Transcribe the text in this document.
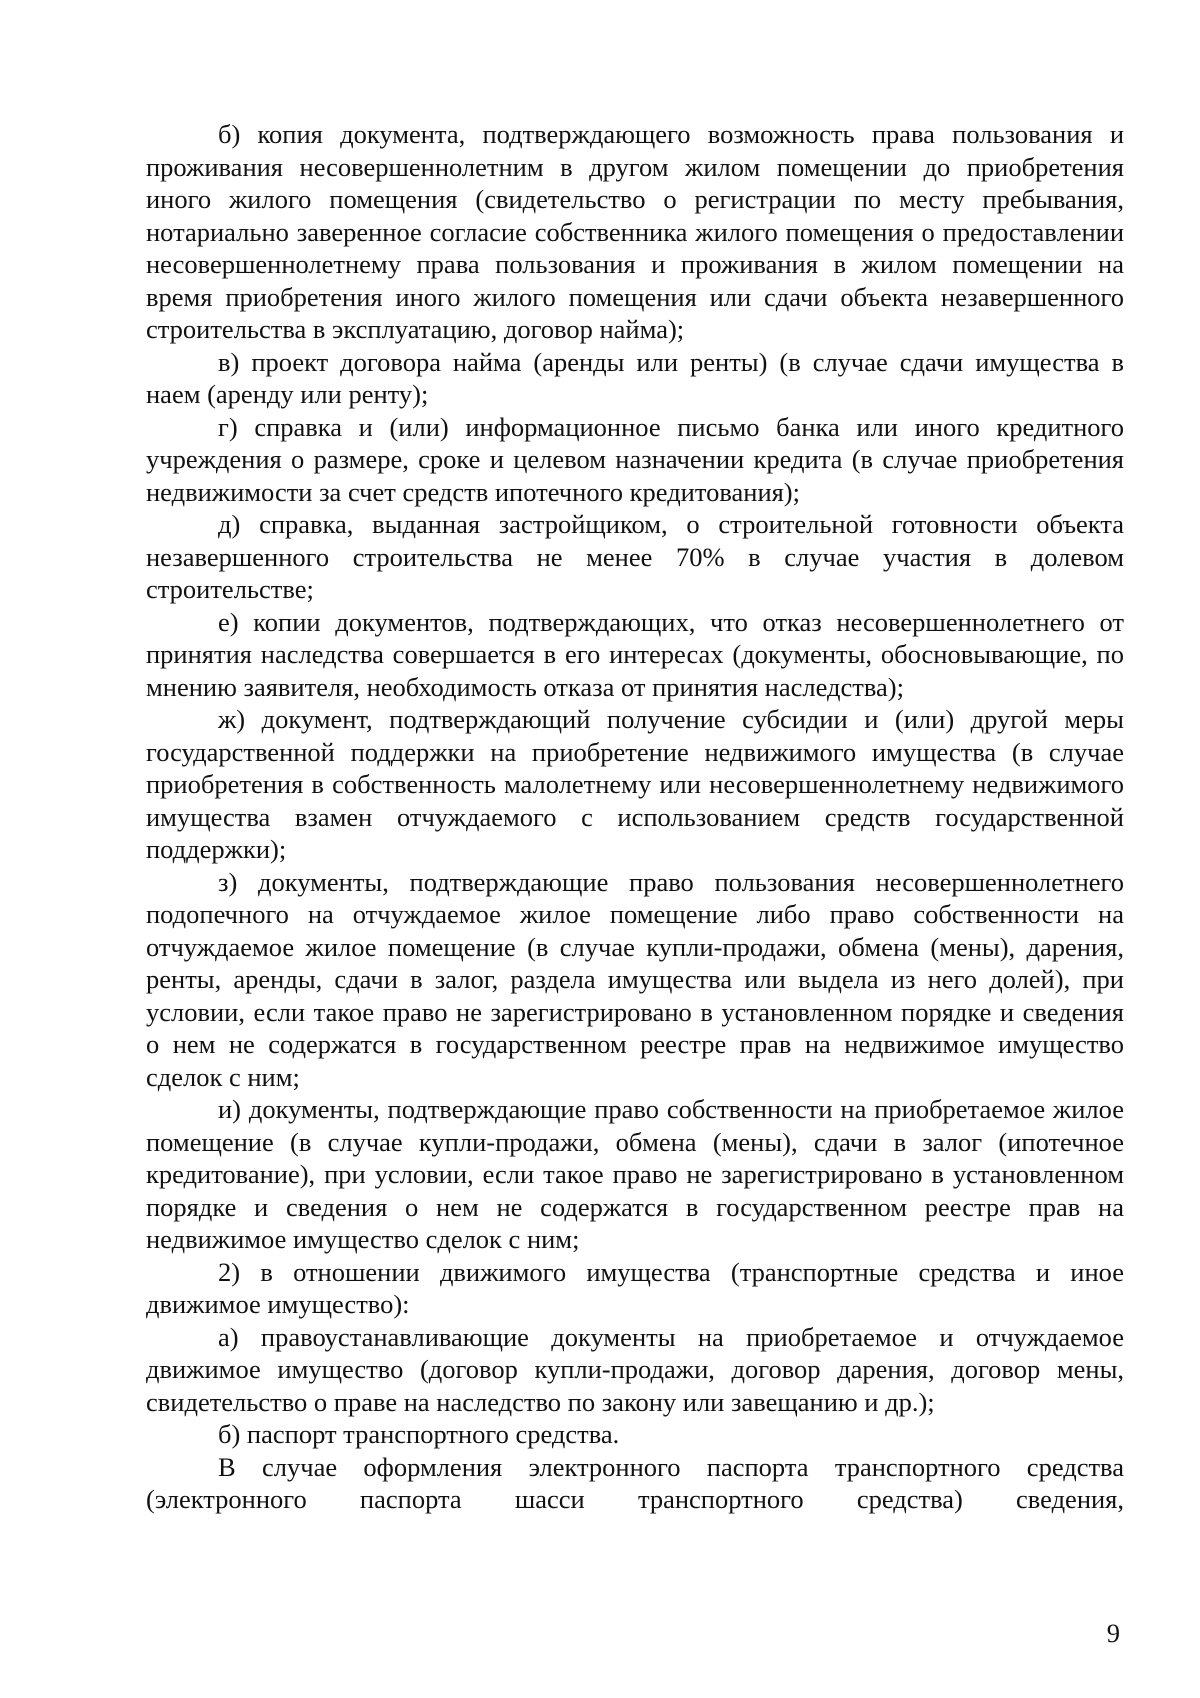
б) копия документа, подтверждающего возможность права пользования и проживания несовершеннолетним в другом жилом помещении до приобретения иного жилого помещения (свидетельство о регистрации по месту пребывания, нотариально заверенное согласие собственника жилого помещения о предоставлении несовершеннолетнему права пользования и проживания в жилом помещении на время приобретения иного жилого помещения или сдачи объекта незавершенного строительства в эксплуатацию, договор найма);

в) проект договора найма (аренды или ренты) (в случае сдачи имущества в наем (аренду или ренту);

г) справка и (или) информационное письмо банка или иного кредитного учреждения о размере, сроке и целевом назначении кредита (в случае приобретения недвижимости за счет средств ипотечного кредитования);

д) справка, выданная застройщиком, о строительной готовности объекта незавершенного строительства не менее 70% в случае участия в долевом строительстве;

е) копии документов, подтверждающих, что отказ несовершеннолетнего от принятия наследства совершается в его интересах (документы, обосновывающие, по мнению заявителя, необходимость отказа от принятия наследства);

ж) документ, подтверждающий получение субсидии и (или) другой меры государственной поддержки на приобретение недвижимого имущества (в случае приобретения в собственность малолетнему или несовершеннолетнему недвижимого имущества взамен отчуждаемого с использованием средств государственной поддержки);

з) документы, подтверждающие право пользования несовершеннолетнего подопечного на отчуждаемое жилое помещение либо право собственности на отчуждаемое жилое помещение (в случае купли-продажи, обмена (мены), дарения, ренты, аренды, сдачи в залог, раздела имущества или выдела из него долей), при условии, если такое право не зарегистрировано в установленном порядке и сведения о нем не содержатся в государственном реестре прав на недвижимое имущество сделок с ним;

и) документы, подтверждающие право собственности на приобретаемое жилое помещение (в случае купли-продажи, обмена (мены), сдачи в залог (ипотечное кредитование), при условии, если такое право не зарегистрировано в установленном порядке и сведения о нем не содержатся в государственном реестре прав на недвижимое имущество сделок с ним;

2) в отношении движимого имущества (транспортные средства и иное движимое имущество):

а) правоустанавливающие документы на приобретаемое и отчуждаемое движимое имущество (договор купли-продажи, договор дарения, договор мены, свидетельство о праве на наследство по закону или завещанию и др.);

б) паспорт транспортного средства.

В случае оформления электронного паспорта транспортного средства (электронного паспорта шасси транспортного средства) сведения,

9
